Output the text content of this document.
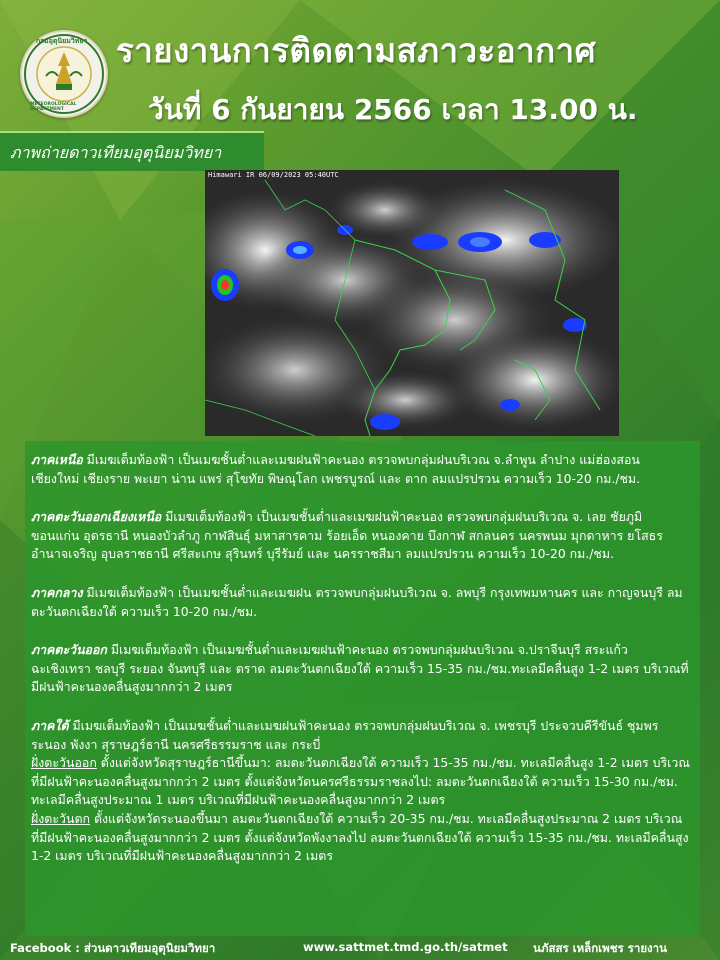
กรมอุตุนิยมวิทยา
METEOROLOGICAL DEPARTMENT
รายงานการติดตามสภาวะอากาศ
วันที่ 6 กันยายน 2566 เวลา 13.00 น.
ภาพถ่ายดาวเทียมอุตุนิยมวิทยา
Himawari IR 06/09/2023 05:40UTC

ภาคเหนือ มีเมฆเต็มท้องฟ้า เป็นเมฆชั้นต่ำและเมฆฝนฟ้าคะนอง ตรวจพบกลุ่มฝนบริเวณ จ.ลำพูน ลำปาง แม่ฮ่องสอน เชียงใหม่ เชียงราย พะเยา น่าน แพร่ สุโขทัย พิษณุโลก เพชรบูรณ์ และ ตาก ลมแปรปรวน ความเร็ว 10-20 กม./ชม.

ภาคตะวันออกเฉียงเหนือ มีเมฆเต็มท้องฟ้า เป็นเมฆชั้นต่ำและเมฆฝนฟ้าคะนอง ตรวจพบกลุ่มฝนบริเวณ จ. เลย ชัยภูมิ ขอนแก่น อุดรธานี หนองบัวลำภู กาฬสินธุ์ มหาสารคาม ร้อยเอ็ด หนองคาย บึงกาฬ สกลนคร นครพนม มุกดาหาร ยโสธร อำนาจเจริญ อุบลราชธานี ศรีสะเกษ สุรินทร์ บุรีรัมย์ และ นครราชสีมา ลมแปรปรวน ความเร็ว 10-20 กม./ชม.

ภาคกลาง มีเมฆเต็มท้องฟ้า เป็นเมฆชั้นต่ำและเมฆฝน ตรวจพบกลุ่มฝนบริเวณ จ. ลพบุรี กรุงเทพมหานคร และ กาญจนบุรี ลมตะวันตกเฉียงใต้ ความเร็ว 10-20 กม./ชม.

ภาคตะวันออก มีเมฆเต็มท้องฟ้า เป็นเมฆชั้นต่ำและเมฆฝนฟ้าคะนอง ตรวจพบกลุ่มฝนบริเวณ จ.ปราจีนบุรี สระแก้ว ฉะเชิงเทรา ชลบุรี ระยอง จันทบุรี และ ตราด ลมตะวันตกเฉียงใต้ ความเร็ว 15-35 กม./ชม.ทะเลมีคลื่นสูง 1-2 เมตร บริเวณที่มีฝนฟ้าคะนองคลื่นสูงมากกว่า 2 เมตร

ภาคใต้ มีเมฆเต็มท้องฟ้า เป็นเมฆชั้นต่ำและเมฆฝนฟ้าคะนอง ตรวจพบกลุ่มฝนบริเวณ จ. เพชรบุรี ประจวบคีรีขันธ์ ชุมพร ระนอง พังงา สุราษฎร์ธานี นครศรีธรรมราช และ กระบี่

ฝั่งตะวันออก ตั้งแต่จังหวัดสุราษฎร์ธานีขึ้นมา: ลมตะวันตกเฉียงใต้ ความเร็ว 15-35 กม./ชม. ทะเลมีคลื่นสูง 1-2 เมตร บริเวณที่มีฝนฟ้าคะนองคลื่นสูงมากกว่า 2 เมตร ตั้งแต่จังหวัดนครศรีธรรมราชลงไป: ลมตะวันตกเฉียงใต้ ความเร็ว 15-30 กม./ชม. ทะเลมีคลื่นสูงประมาณ 1 เมตร บริเวณที่มีฝนฟ้าคะนองคลื่นสูงมากกว่า 2 เมตร

ฝั่งตะวันตก ตั้งแต่จังหวัดระนองขึ้นมา ลมตะวันตกเฉียงใต้ ความเร็ว 20-35 กม./ชม. ทะเลมีคลื่นสูงประมาณ 2 เมตร บริเวณที่มีฝนฟ้าคะนองคลื่นสูงมากกว่า 2 เมตร ตั้งแต่จังหวัดพังงาลงไป ลมตะวันตกเฉียงใต้ ความเร็ว 15-35 กม./ชม. ทะเลมีคลื่นสูง 1-2 เมตร บริเวณที่มีฝนฟ้าคะนองคลื่นสูงมากกว่า 2 เมตร

Facebook : ส่วนดาวเทียมอุตุนิยมวิทยา	www.sattmet.tmd.go.th/satmet นภัสสร เหล็กเพชร รายงาน
